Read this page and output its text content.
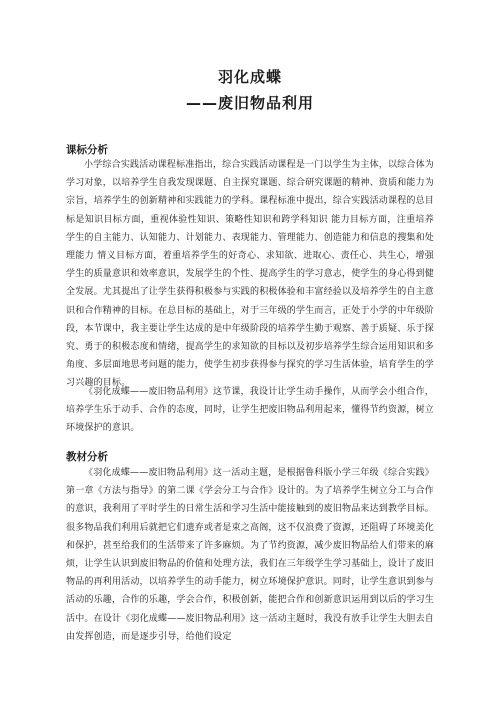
羽化成蝶
——废旧物品利用
课标分析

小学综合实践活动课程标准指出，综合实践活动课程是一门以学生为主体，以综合体为学习对象，以培养学生自我发现课题、自主探究课题、综合研究课题的精神、资质和能力为宗旨，培养学生的创新精神和实践能力的学科。课程标准中提出，综合实践活动课程的总目标是知识目标方面，重视体验性知识、策略性知识和跨学科知识 能力目标方面，注重培养学生的自主能力、认知能力、计划能力、表现能力、管理能力、创造能力和信息的搜集和处理能力 情义目标方面，着重培养学生的好奇心、求知欲、进取心、责任心、共生心，增强学生的质量意识和效率意识，发展学生的个性、提高学生的学习意志，使学生的身心得到健全发展。尤其提出了让学生获得积极参与实践的积极体验和丰富经验以及培养学生的自主意识和合作精神的目标。在总目标的基础上，对于三年级的学生而言，正处于小学的中年级阶段，本节课中，我主要让学生达成的是中年级阶段的培养学生勤于观察、善于质疑、乐于探究、勇于的积极态度和情绪，提高学生的求知欲的目标以及初步培养学生综合运用知识和多角度、多层面地思考问题的能力，使学生初步获得参与探究的学习生活体验，培育学生的学习兴趣的目标。

《羽化成蝶——废旧物品利用》这节课，我设计让学生动手操作，从而学会小组合作，培养学生乐于动手、合作的态度，同时，让学生把废旧物品利用起来，懂得节约资源，树立环境保护的意识。

教材分析

《羽化成蝶——废旧物品利用》这一活动主题，是根据鲁科版小学三年级《综合实践》第一章《方法与指导》的第二课《学会分工与合作》设计的。为了培养学生树立分工与合作的意识，我利用了平时学生的日常生活和学习生活中能接触到的废旧物品来达到教学目标。很多物品我们利用后就把它们遗弃或者是束之高阁，这不仅浪费了资源，还阻碍了环境美化和保护，甚至给我们的生活带来了许多麻烦。为了节约资源，减少废旧物品给人们带来的麻烦，让学生认识到废旧物品的价值和处理方法，我们在三年级学生学习基础上，设计了废旧物品的再利用活动，以培养学生的动手能力，树立环境保护意识。同时，让学生意识到参与活动的乐趣，合作的乐趣，学会合作，积极创新，能把合作和创新意识运用到以后的学习生活中。在设计《羽化成蝶——废旧物品利用》这一活动主题时，我没有放手让学生大胆去自由发挥创造，而是逐步引导，给他们设定
